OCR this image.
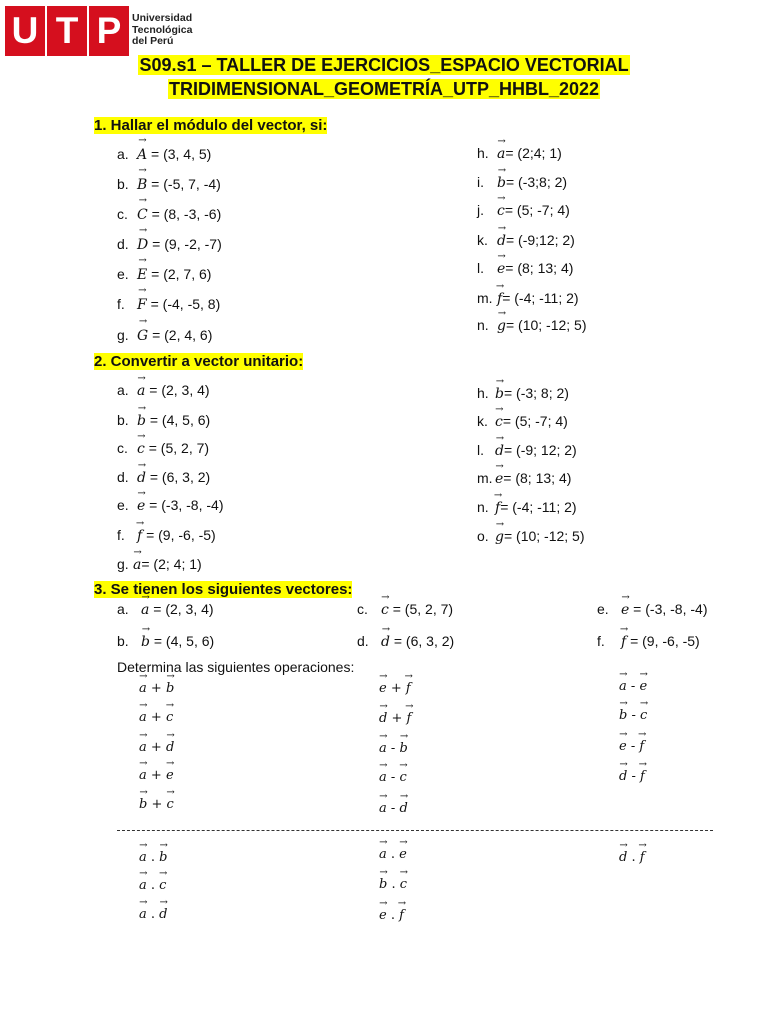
U T P	Universidad
Tecnológica
del Perú
S09.s1 – TALLER DE EJERCICIOS_ESPACIO VECTORIAL
TRIDIMENSIONAL_GEOMETRÍA_UTP_HHBL_2022
1. Hallar el módulo del vector, si:
a. → A = (3, 4, 5)
b. → B = (-5, 7, -4)
c. → C = (8, -3, -6)
d. → D = (9, -2, -7)
e. → E = (2, 7, 6)
f. → F = (-4, -5, 8)
g. → G = (2, 4, 6)
h. → a= (2;4; 1)
i. → b= (-3;8; 2)
j. → c= (5; -7; 4)
k. → d= (-9;12; 2)
l. → e= (8; 13; 4)
m. → f= (-4; -11; 2)
n. → g= (10; -12; 5)
2. Convertir a vector unitario:
a. → a = (2, 3, 4)
b. → b = (4, 5, 6)
c. → c = (5, 2, 7)
d. → d = (6, 3, 2)
e. → e = (-3, -8, -4)
f. → f = (9, -6, -5)
g. → a= (2; 4; 1)
h. → b= (-3; 8; 2)
k. → c= (5; -7; 4)
l. → d= (-9; 12; 2)
m. → e= (8; 13; 4)
n. → f= (-4; -11; 2)
o. → g= (10; -12; 5)
3. Se tienen los siguientes vectores:
a. → a = (2, 3, 4)
b. → b = (4, 5, 6)
c. → c = (5, 2, 7)
d. → d = (6, 3, 2)
e. → e = (-3, -8, -4)
f. → f = (9, -6, -5)
Determina las siguientes operaciones:
→ a + → b
→ a + → c
→ a + → d
→ a + → e
→ b + → c
→ e + → f
→ d + → f
→ a - → b
→ a - → c
→ a - → d
→ a - → e
→ b - → c
→ e - → f
→ d - → f
→ a . → b
→ a . → c
→ a . → d
→ a . → e
→ b . → c
→ e . → f
→ d . → f
